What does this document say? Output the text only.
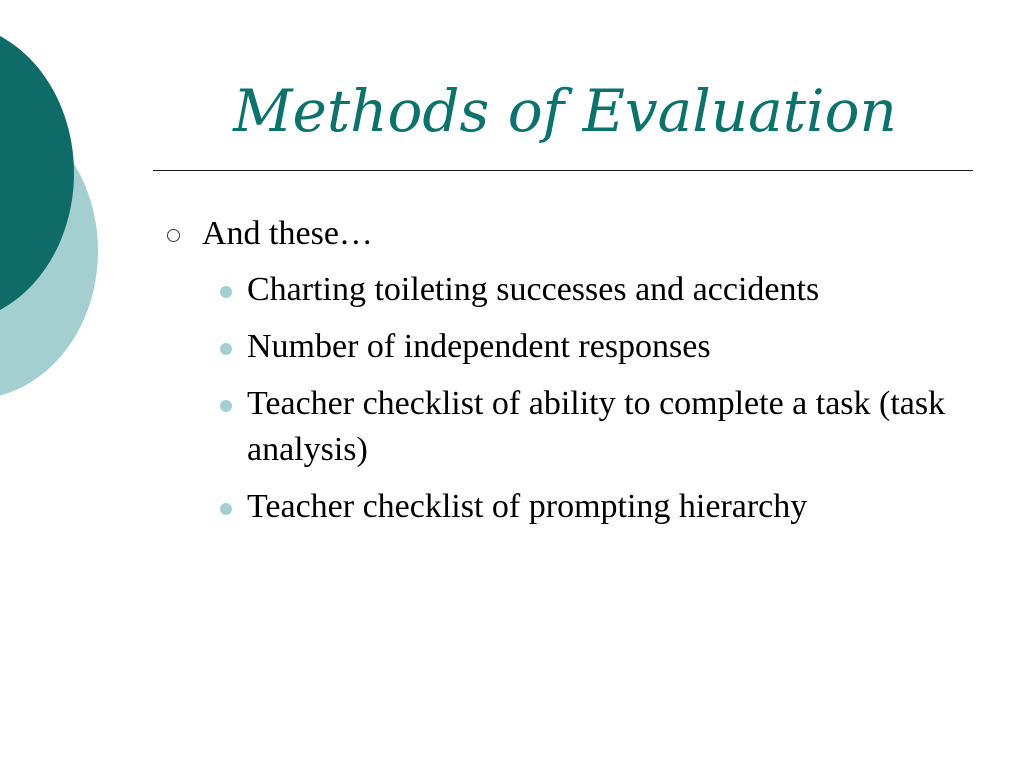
Methods of Evaluation
And these…
Charting toileting successes and accidents
Number of independent responses
Teacher checklist of ability to complete a task (task analysis)
Teacher checklist of prompting hierarchy
